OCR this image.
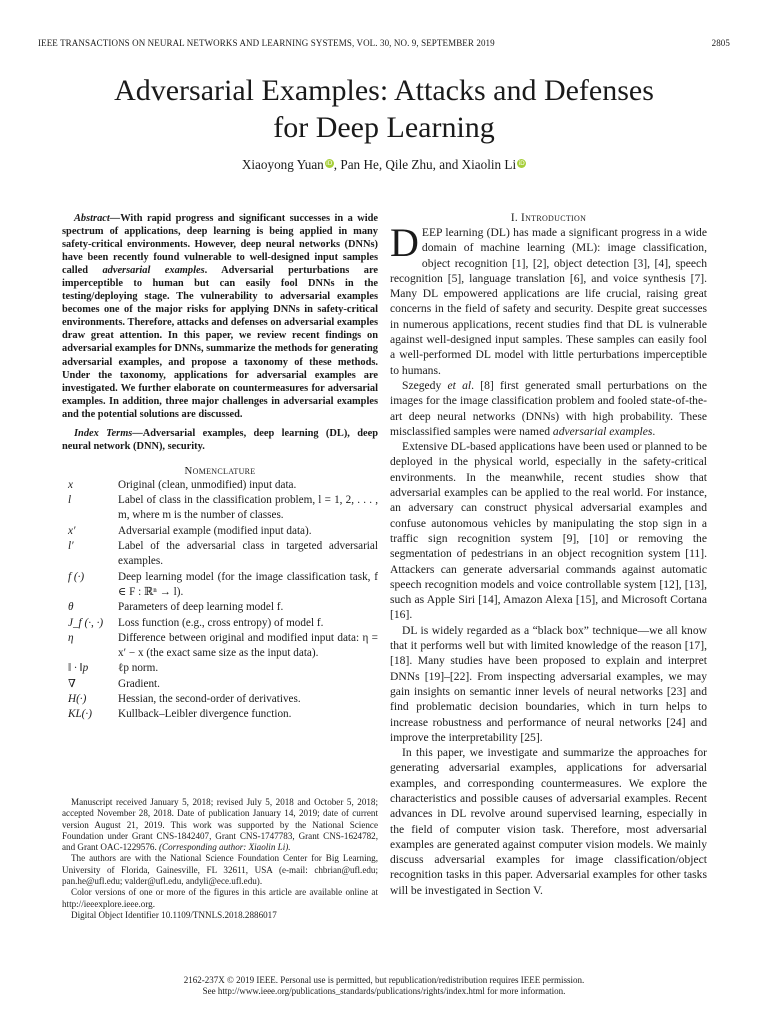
IEEE TRANSACTIONS ON NEURAL NETWORKS AND LEARNING SYSTEMS, VOL. 30, NO. 9, SEPTEMBER 2019	2805
Adversarial Examples: Attacks and Defenses
for Deep Learning
Xiaoyong Yuan iD, Pan He, Qile Zhu, and Xiaolin Li iD

Abstract—With rapid progress and significant successes in a wide spectrum of applications, deep learning is being applied in many safety-critical environments. However, deep neural networks (DNNs) have been recently found vulnerable to well-designed input samples called adversarial examples. Adversarial perturbations are imperceptible to human but can easily fool DNNs in the testing/deploying stage. The vulnerability to adversarial examples becomes one of the major risks for applying DNNs in safety-critical environments. Therefore, attacks and defenses on adversarial examples draw great attention. In this paper, we review recent findings on adversarial examples for DNNs, summarize the methods for generating adversarial examples, and propose a taxonomy of these methods. Under the taxonomy, applications for adversarial examples are investigated. We further elaborate on countermeasures for adversarial examples. In addition, three major challenges in adversarial examples and the potential solutions are discussed.

Index Terms—Adversarial examples, deep learning (DL), deep neural network (DNN), security.

Nomenclature
x	Original (clean, unmodified) input data.
l	Label of class in the classification problem, l = 1, 2, . . . , m, where m is the number of classes.
x′	Adversarial example (modified input data).
l′	Label of the adversarial class in targeted adversarial examples.
f (·)	Deep learning model (for the image classification task, f ∈ F : ℝⁿ → l).
θ	Parameters of deep learning model f.
J_f (·, ·)	Loss function (e.g., cross entropy) of model f.
η	Difference between original and modified input data: η = x′ − x (the exact same size as the input data).
‖ · ‖p	ℓp norm.
∇	Gradient.
H(·)	Hessian, the second-order of derivatives.
KL(·)	Kullback–Leibler divergence function.

Manuscript received January 5, 2018; revised July 5, 2018 and October 5, 2018; accepted November 28, 2018. Date of publication January 14, 2019; date of current version August 21, 2019. This work was supported by the National Science Foundation under Grant CNS-1842407, Grant CNS-1747783, Grant CNS-1624782, and Grant OAC-1229576. (Corresponding author: Xiaolin Li).

The authors are with the National Science Foundation Center for Big Learning, University of Florida, Gainesville, FL 32611, USA (e-mail: chbrian@ufl.edu; pan.he@ufl.edu; valder@ufl.edu, andyli@ece.ufl.edu).

Color versions of one or more of the figures in this article are available online at http://ieeexplore.ieee.org.

Digital Object Identifier 10.1109/TNNLS.2018.2886017

I. Introduction

DEEP learning (DL) has made a significant progress in a wide domain of machine learning (ML): image classification, object recognition [1], [2], object detection [3], [4], speech recognition [5], language translation [6], and voice synthesis [7]. Many DL empowered applications are life crucial, raising great concerns in the field of safety and security. Despite great successes in numerous applications, recent studies find that DL is vulnerable against well-designed input samples. These samples can easily fool a well-performed DL model with little perturbations imperceptible to humans.

Szegedy et al. [8] first generated small perturbations on the images for the image classification problem and fooled state-of-the-art deep neural networks (DNNs) with high probability. These misclassified samples were named adversarial examples.

Extensive DL-based applications have been used or planned to be deployed in the physical world, especially in the safety-critical environments. In the meanwhile, recent studies show that adversarial examples can be applied to the real world. For instance, an adversary can construct physical adversarial examples and confuse autonomous vehicles by manipulating the stop sign in a traffic sign recognition system [9], [10] or removing the segmentation of pedestrians in an object recognition system [11]. Attackers can generate adversarial commands against automatic speech recognition models and voice controllable system [12], [13], such as Apple Siri [14], Amazon Alexa [15], and Microsoft Cortana [16].

DL is widely regarded as a “black box” technique—we all know that it performs well but with limited knowledge of the reason [17], [18]. Many studies have been proposed to explain and interpret DNNs [19]–[22]. From inspecting adversarial examples, we may gain insights on semantic inner levels of neural networks [23] and find problematic decision boundaries, which in turn helps to increase robustness and performance of neural networks [24] and improve the interpretability [25].

In this paper, we investigate and summarize the approaches for generating adversarial examples, applications for adversarial examples, and corresponding countermeasures. We explore the characteristics and possible causes of adversarial examples. Recent advances in DL revolve around supervised learning, especially in the field of computer vision task. Therefore, most adversarial examples are generated against computer vision models. We mainly discuss adversarial examples for image classification/object recognition tasks in this paper. Adversarial examples for other tasks will be investigated in Section V.

2162-237X © 2019 IEEE. Personal use is permitted, but republication/redistribution requires IEEE permission.
See http://www.ieee.org/publications_standards/publications/rights/index.html for more information.
